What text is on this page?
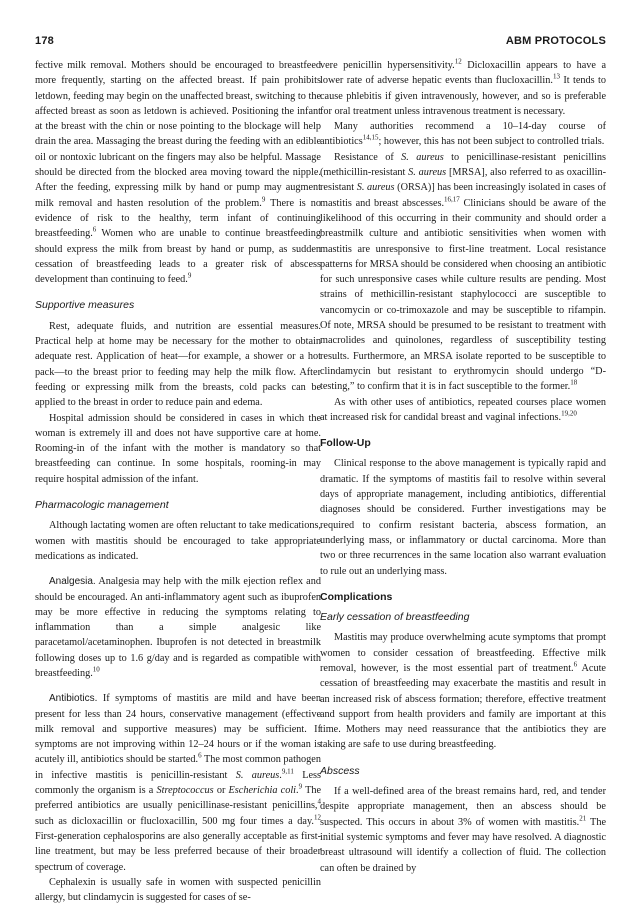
178	ABM PROTOCOLS

fective milk removal. Mothers should be encouraged to breastfeed more frequently, starting on the affected breast. If pain prohibits letdown, feeding may begin on the unaffected breast, switching to the affected breast as soon as letdown is achieved. Positioning the infant at the breast with the chin or nose pointing to the blockage will help drain the area. Massaging the breast during the feeding with an edible oil or nontoxic lubricant on the fingers may also be helpful. Massage should be directed from the blocked area moving toward the nipple. After the feeding, expressing milk by hand or pump may augment milk removal and hasten resolution of the problem.$^9$ There is no evidence of risk to the healthy, term infant of continuing breastfeeding.$^6$ Women who are unable to continue breastfeeding should express the milk from breast by hand or pump, as sudden cessation of breastfeeding leads to a greater risk of abscess development than continuing to feed.$^9$

Supportive measures

Rest, adequate fluids, and nutrition are essential measures. Practical help at home may be necessary for the mother to obtain adequate rest. Application of heat—for example, a shower or a hot pack—to the breast prior to feeding may help the milk flow. After feeding or expressing milk from the breasts, cold packs can be applied to the breast in order to reduce pain and edema.

Hospital admission should be considered in cases in which the woman is extremely ill and does not have supportive care at home. Rooming-in of the infant with the mother is mandatory so that breastfeeding can continue. In some hospitals, rooming-in may require hospital admission of the infant.

Pharmacologic management

Although lactating women are often reluctant to take medications, women with mastitis should be encouraged to take appropriate medications as indicated.

Analgesia. Analgesia may help with the milk ejection reflex and should be encouraged. An anti-inflammatory agent such as ibuprofen may be more effective in reducing the symptoms relating to inflammation than a simple analgesic like paracetamol/acetaminophen. Ibuprofen is not detected in breastmilk following doses up to 1.6 g/day and is regarded as compatible with breastfeeding.$^{10}$

Antibiotics. If symptoms of mastitis are mild and have been present for less than 24 hours, conservative management (effective milk removal and supportive measures) may be sufficient. If symptoms are not improving within 12–24 hours or if the woman is acutely ill, antibiotics should be started.$^6$ The most common pathogen in infective mastitis is penicillin-resistant S. aureus.$^{9,11}$ Less commonly the organism is a Streptococcus or Escherichia coli.$^9$ The preferred antibiotics are usually penicillinase-resistant penicillins,$^4$ such as dicloxacillin or flucloxacillin, 500 mg four times a day.$^{12}$ First-generation cephalosporins are also generally acceptable as first-line treatment, but may be less preferred because of their broader spectrum of coverage.

Cephalexin is usually safe in women with suspected penicillin allergy, but clindamycin is suggested for cases of se-

vere penicillin hypersensitivity.$^{12}$ Dicloxacillin appears to have a lower rate of adverse hepatic events than flucloxacillin.$^{13}$ It tends to cause phlebitis if given intravenously, however, and so is preferable for oral treatment unless intravenous treatment is necessary.

Many authorities recommend a 10–14-day course of antibiotics$^{14,15}$; however, this has not been subject to controlled trials.

Resistance of S. aureus to penicillinase-resistant penicillins (methicillin-resistant S. aureus [MRSA], also referred to as oxacillin-resistant S. aureus (ORSA)] has been increasingly isolated in cases of mastitis and breast abscesses.$^{16,17}$ Clinicians should be aware of the likelihood of this occurring in their community and should order a breastmilk culture and antibiotic sensitivities when women with mastitis are unresponsive to first-line treatment. Local resistance patterns for MRSA should be considered when choosing an antibiotic for such unresponsive cases while culture results are pending. Most strains of methicillin-resistant staphylococci are susceptible to vancomycin or co-trimoxazole and may be susceptible to rifampin. Of note, MRSA should be presumed to be resistant to treatment with macrolides and quinolones, regardless of susceptibility testing results. Furthermore, an MRSA isolate reported to be susceptible to clindamycin but resistant to erythromycin should undergo “D-testing,” to confirm that it is in fact susceptible to the former.$^{18}$

As with other uses of antibiotics, repeated courses place women at increased risk for candidal breast and vaginal infections.$^{19,20}$

Follow-Up

Clinical response to the above management is typically rapid and dramatic. If the symptoms of mastitis fail to resolve within several days of appropriate management, including antibiotics, differential diagnoses should be considered. Further investigations may be required to confirm resistant bacteria, abscess formation, an underlying mass, or inflammatory or ductal carcinoma. More than two or three recurrences in the same location also warrant evaluation to rule out an underlying mass.

Complications
Early cessation of breastfeeding

Mastitis may produce overwhelming acute symptoms that prompt women to consider cessation of breastfeeding. Effective milk removal, however, is the most essential part of treatment.$^6$ Acute cessation of breastfeeding may exacerbate the mastitis and result in an increased risk of abscess formation; therefore, effective treatment and support from health providers and family are important at this time. Mothers may need reassurance that the antibiotics they are taking are safe to use during breastfeeding.

Abscess

If a well-defined area of the breast remains hard, red, and tender despite appropriate management, then an abscess should be suspected. This occurs in about 3% of women with mastitis.$^{21}$ The initial systemic symptoms and fever may have resolved. A diagnostic breast ultrasound will identify a collection of fluid. The collection can often be drained by
